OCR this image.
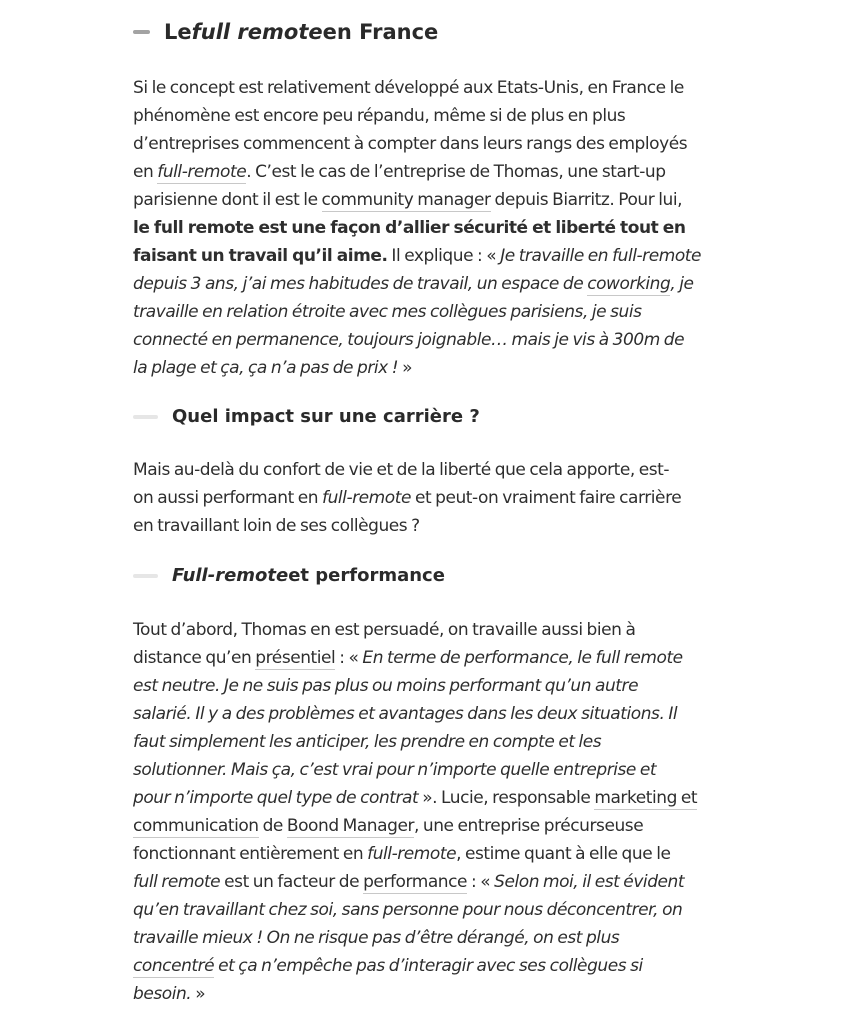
Le full remote en France

Si le concept est relativement développé aux Etats-Unis, en France le
phénomène est encore peu répandu, même si de plus en plus
d’entreprises commencent à compter dans leurs rangs des employés
en full-remote. C’est le cas de l’entreprise de Thomas, une start-up
parisienne dont il est le community manager depuis Biarritz. Pour lui,
le full remote est une façon d’allier sécurité et liberté tout en
faisant un travail qu’il aime. Il explique : « Je travaille en full-remote
depuis 3 ans, j’ai mes habitudes de travail, un espace de coworking, je
travaille en relation étroite avec mes collègues parisiens, je suis
connecté en permanence, toujours joignable… mais je vis à 300m de
la plage et ça, ça n’a pas de prix ! »

Quel impact sur une carrière ?

Mais au-delà du confort de vie et de la liberté que cela apporte, est-
on aussi performant en full-remote et peut-on vraiment faire carrière
en travaillant loin de ses collègues ?

Full-remote et performance

Tout d’abord, Thomas en est persuadé, on travaille aussi bien à
distance qu’en présentiel : « En terme de performance, le full remote
est neutre. Je ne suis pas plus ou moins performant qu’un autre
salarié. Il y a des problèmes et avantages dans les deux situations. Il
faut simplement les anticiper, les prendre en compte et les
solutionner. Mais ça, c’est vrai pour n’importe quelle entreprise et
pour n’importe quel type de contrat ». Lucie, responsable marketing et
communication de Boond Manager, une entreprise précurseuse
fonctionnant entièrement en full-remote, estime quant à elle que le
full remote est un facteur de performance : « Selon moi, il est évident
qu’en travaillant chez soi, sans personne pour nous déconcentrer, on
travaille mieux ! On ne risque pas d’être dérangé, on est plus
concentré et ça n’empêche pas d’interagir avec ses collègues si
besoin. »
